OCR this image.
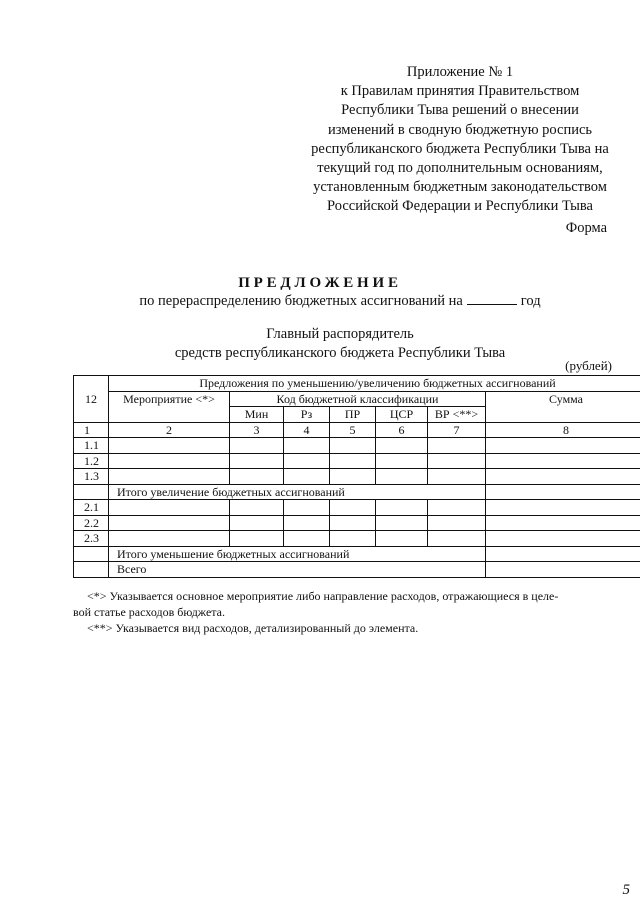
Приложение № 1
к Правилам принятия Правительством
Республики Тыва решений о внесении
изменений в сводную бюджетную роспись
республиканского бюджета Республики Тыва на
текущий год по дополнительным основаниям,
установленным бюджетным законодательством
Российской Федерации и Республики Тыва
Форма
ПРЕДЛОЖЕНИЕ
по перераспределению бюджетных ассигнований на	год
Главный распорядитель
средств республиканского бюджета Республики Тыва
(рублей)
12	Предложения по уменьшению/увеличению бюджетных ассигнований						
	Мероприятие <*>	Код бюджетной классификации					Сумма
		Мин	Рз	ПР	ЦСР	ВР <**>	
1	2	3	4	5	6	7	8
1.1							
1.2							
1.3							
	Итого увеличение бюджетных ассигнований						
2.1							
2.2							
2.3							
	Итого уменьшение бюджетных ассигнований						
	Всего						

<*> Указывается основное мероприятие либо направление расходов, отражающиеся в целе-

вой статье расходов бюджета.

<**> Указывается вид расходов, детализированный до элемента.

5
